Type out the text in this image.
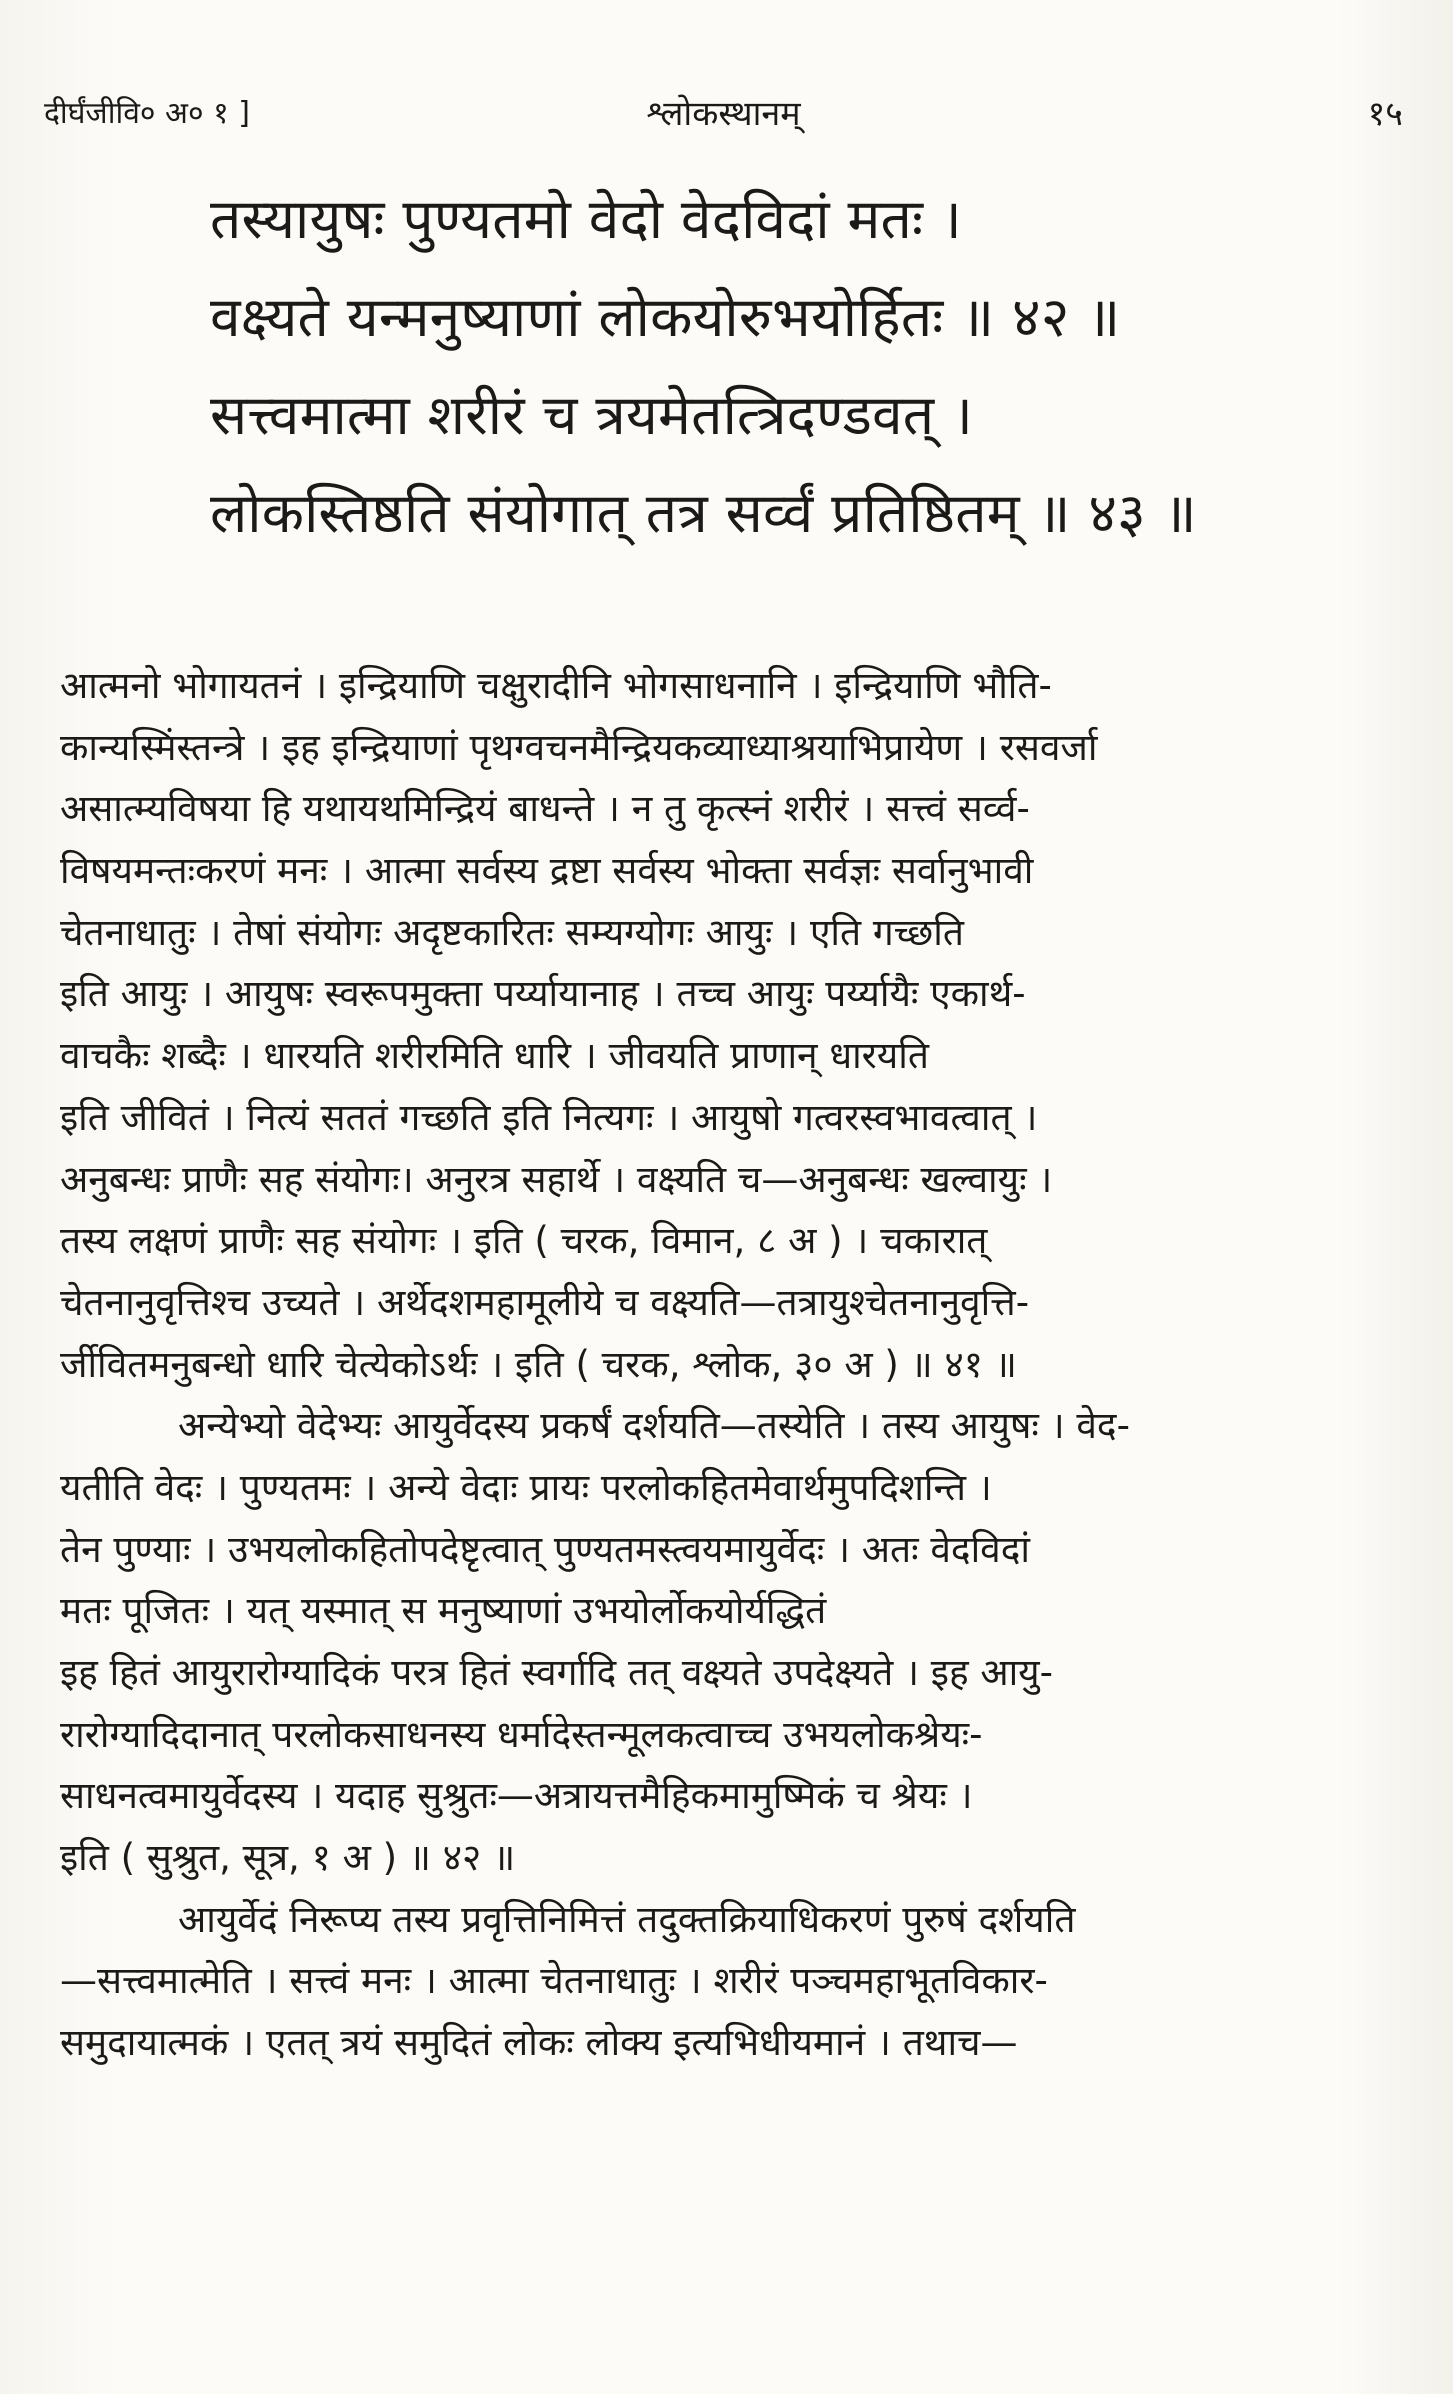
दीर्घंजीवि० अ० १ ]	श्लोकस्थानम्	१५
तस्यायुषः पुण्यतमो वेदो वेदविदां मतः ।
वक्ष्यते यन्मनुष्याणां लोकयोरुभयोर्हितः ॥ ४२ ॥
सत्त्वमात्मा शरीरं च त्रयमेतत्त्रिदण्डवत् ।
लोकस्तिष्ठति संयोगात् तत्र सर्व्वं प्रतिष्ठितम् ॥ ४३ ॥
आत्मनो भोगायतनं । इन्द्रियाणि चक्षुरादीनि भोगसाधनानि । इन्द्रियाणि भौति-
कान्यस्मिंस्तन्त्रे । इह इन्द्रियाणां पृथग्वचनमैन्द्रियकव्याध्याश्रयाभिप्रायेण । रसवर्जा
असात्म्यविषया हि यथायथमिन्द्रियं बाधन्ते । न तु कृत्स्नं शरीरं । सत्त्वं सर्व्व-
विषयमन्तःकरणं मनः । आत्मा सर्वस्य द्रष्टा सर्वस्य भोक्ता सर्वज्ञः सर्वानुभावी
चेतनाधातुः । तेषां संयोगः अदृष्टकारितः सम्यग्योगः आयुः । एति गच्छति
इति आयुः । आयुषः स्वरूपमुक्ता पर्य्यायानाह । तच्च आयुः पर्य्यायैः एकार्थ-
वाचकैः शब्दैः । धारयति शरीरमिति धारि । जीवयति प्राणान् धारयति
इति जीवितं । नित्यं सततं गच्छति इति नित्यगः । आयुषो गत्वरस्वभावत्वात् ।
अनुबन्धः प्राणैः सह संयोगः। अनुरत्र सहार्थे । वक्ष्यति च—अनुबन्धः खल्वायुः ।
तस्य लक्षणं प्राणैः सह संयोगः । इति ( चरक, विमान, ८ अ ) । चकारात्
चेतनानुवृत्तिश्च उच्यते । अर्थेदशमहामूलीये च वक्ष्यति—तत्रायुश्चेतनानुवृत्ति-
र्जीवितमनुबन्धो धारि चेत्येकोऽर्थः । इति ( चरक, श्लोक, ३० अ ) ॥ ४१ ॥
अन्येभ्यो वेदेभ्यः आयुर्वेदस्य प्रकर्षं दर्शयति—तस्येति । तस्य आयुषः । वेद-
यतीति वेदः । पुण्यतमः । अन्ये वेदाः प्रायः परलोकहितमेवार्थमुपदिशन्ति ।
तेन पुण्याः । उभयलोकहितोपदेष्टृत्वात् पुण्यतमस्त्वयमायुर्वेदः । अतः वेदविदां
मतः पूजितः । यत् यस्मात् स मनुष्याणां उभयोर्लोकयोर्यद्धितं
इह हितं आयुरारोग्यादिकं परत्र हितं स्वर्गादि तत् वक्ष्यते उपदेक्ष्यते । इह आयु-
रारोग्यादिदानात् परलोकसाधनस्य धर्मादेस्तन्मूलकत्वाच्च उभयलोकश्रेयः-
साधनत्वमायुर्वेदस्य । यदाह सुश्रुतः—अत्रायत्तमैहिकमामुष्मिकं च श्रेयः ।
इति ( सुश्रुत, सूत्र, १ अ ) ॥ ४२ ॥
आयुर्वेदं निरूप्य तस्य प्रवृत्तिनिमित्तं तदुक्तक्रियाधिकरणं पुरुषं दर्शयति
—सत्त्वमात्मेति । सत्त्वं मनः । आत्मा चेतनाधातुः । शरीरं पञ्चमहाभूतविकार-
समुदायात्मकं । एतत् त्रयं समुदितं लोकः लोक्य इत्यभिधीयमानं । तथाच—
